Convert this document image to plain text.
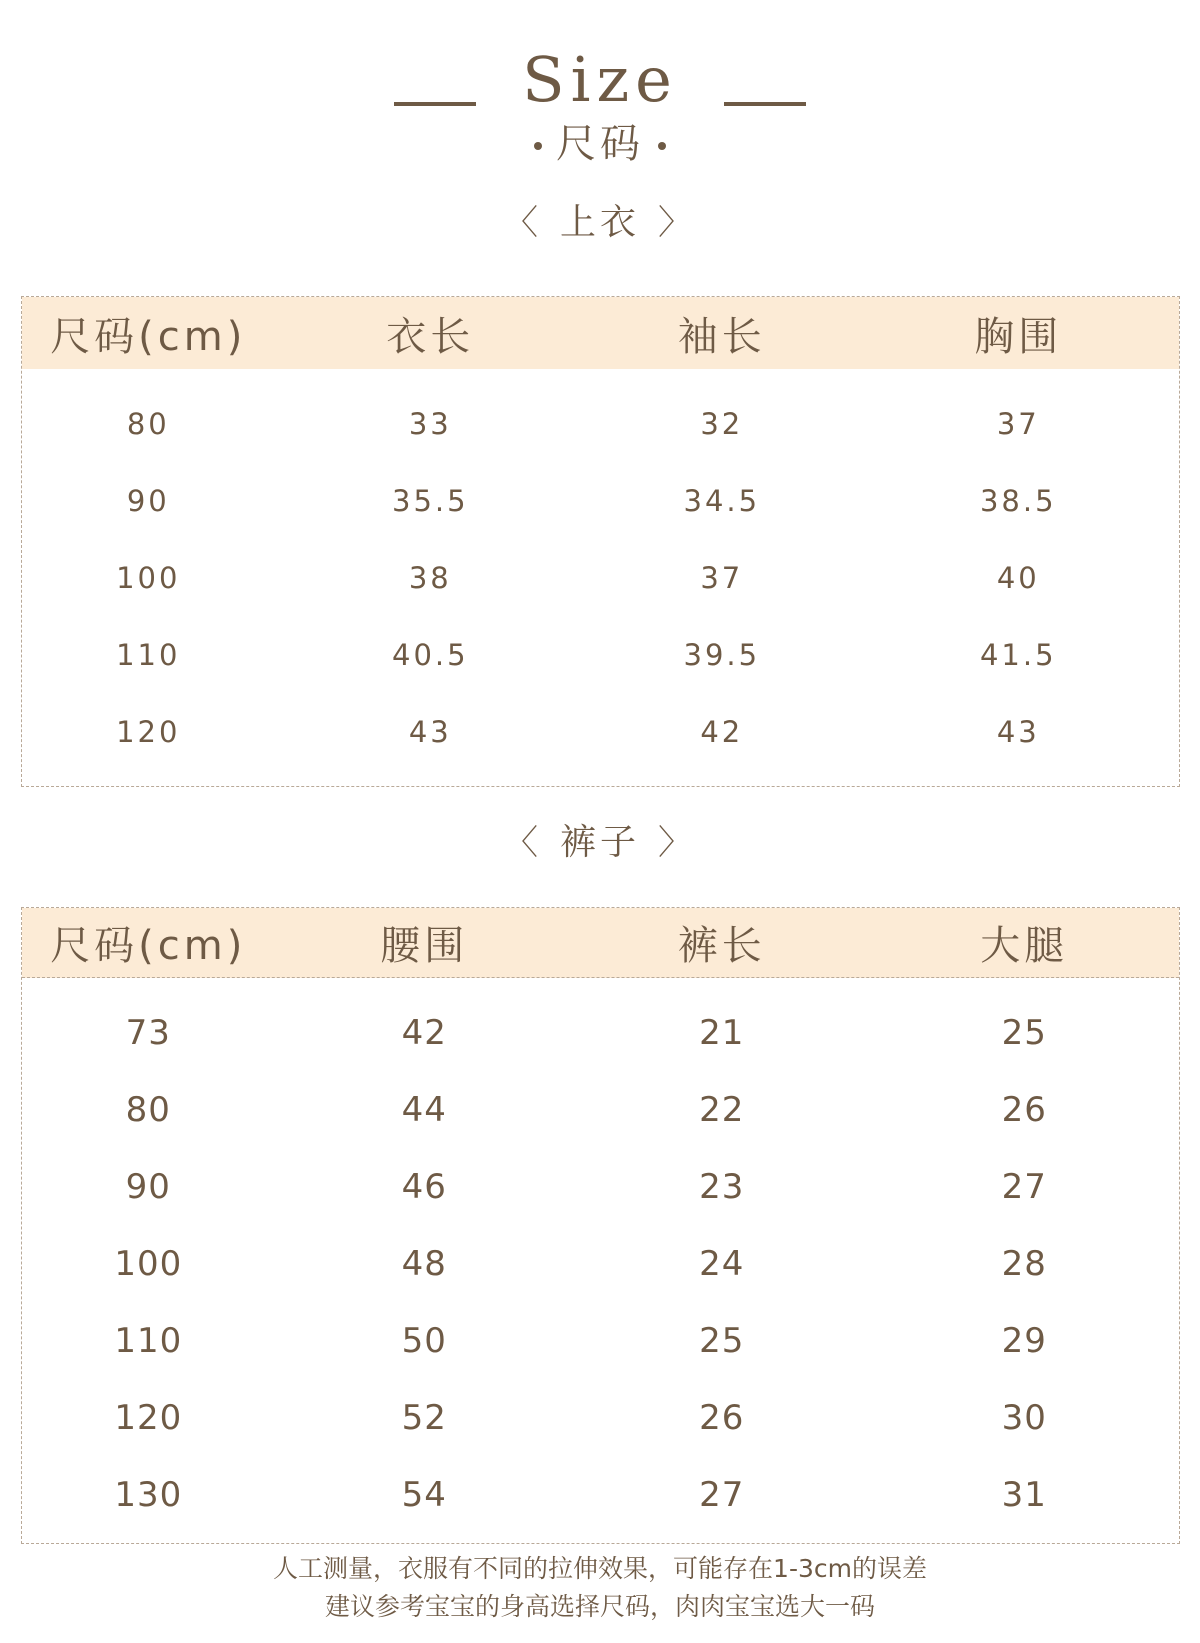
Size
尺码
〈 上衣 〉
尺码(cm)	衣长	袖长	胸围
80	33	32	37
90	35.5	34.5	38.5
100	38	37	40
110	40.5	39.5	41.5
120	43	42	43
〈 裤子 〉
尺码(cm)	腰围	裤长	大腿
73	42	21	25
80	44	22	26
90	46	23	27
100	48	24	28
110	50	25	29
120	52	26	30
130	54	27	31
人工测量，衣服有不同的拉伸效果，可能存在1-3cm的误差
建议参考宝宝的身高选择尺码，肉肉宝宝选大一码
